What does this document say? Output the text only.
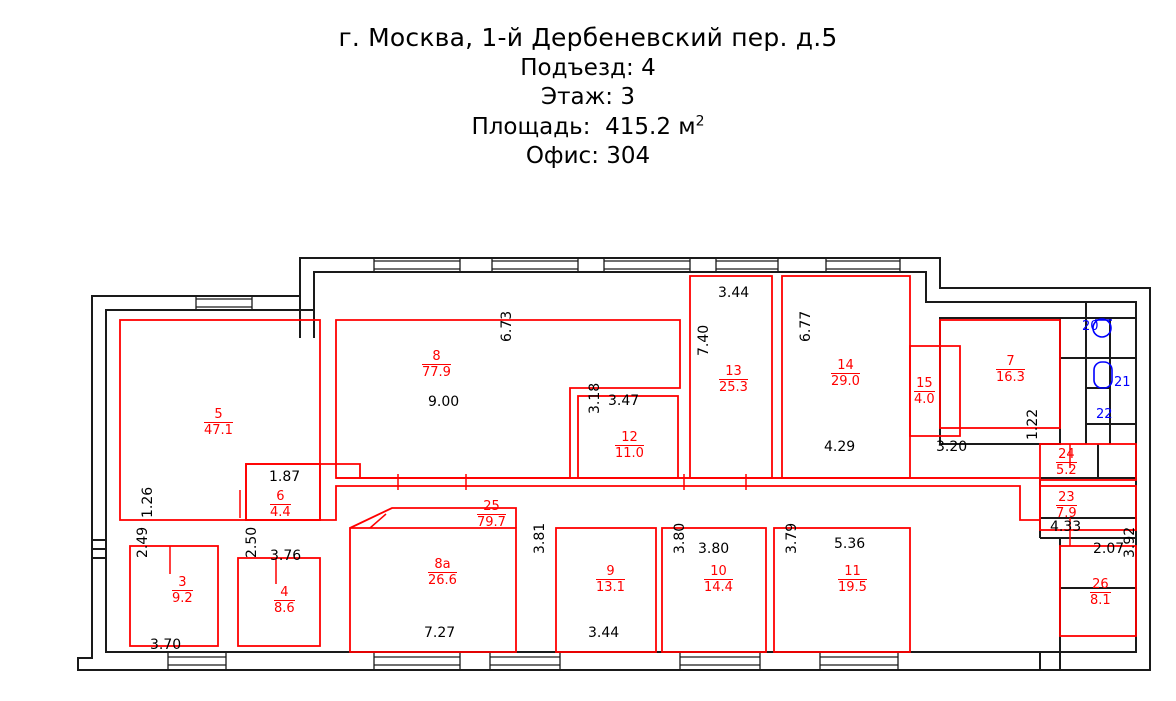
г. Москва, 1-й Дербеневский пер. д.5
Подъезд: 4
Этаж: 3
Площадь: 415.2 $м^2$
Офис: 304
5
47.1
8
77.9
6
4.4	25
79.7
12
11.0
13
25.3
14
29.0	15
4.0
7
16.3
24
5.2
23
7.9
26
8.1
3
9.2	4
8.6
8а
26.6
9
13.1
10
14.4
11
19.5
20
21
22
3.44
9.00	3.47
4.29	3.20
4.33
2.07
3.76	3.80	5.36
7.27	3.44
3.70
6.73	7.40	6.77
3.18
1.87
1.26
1.22
3.92
2.49	2.50	3.81	3.80	3.79
